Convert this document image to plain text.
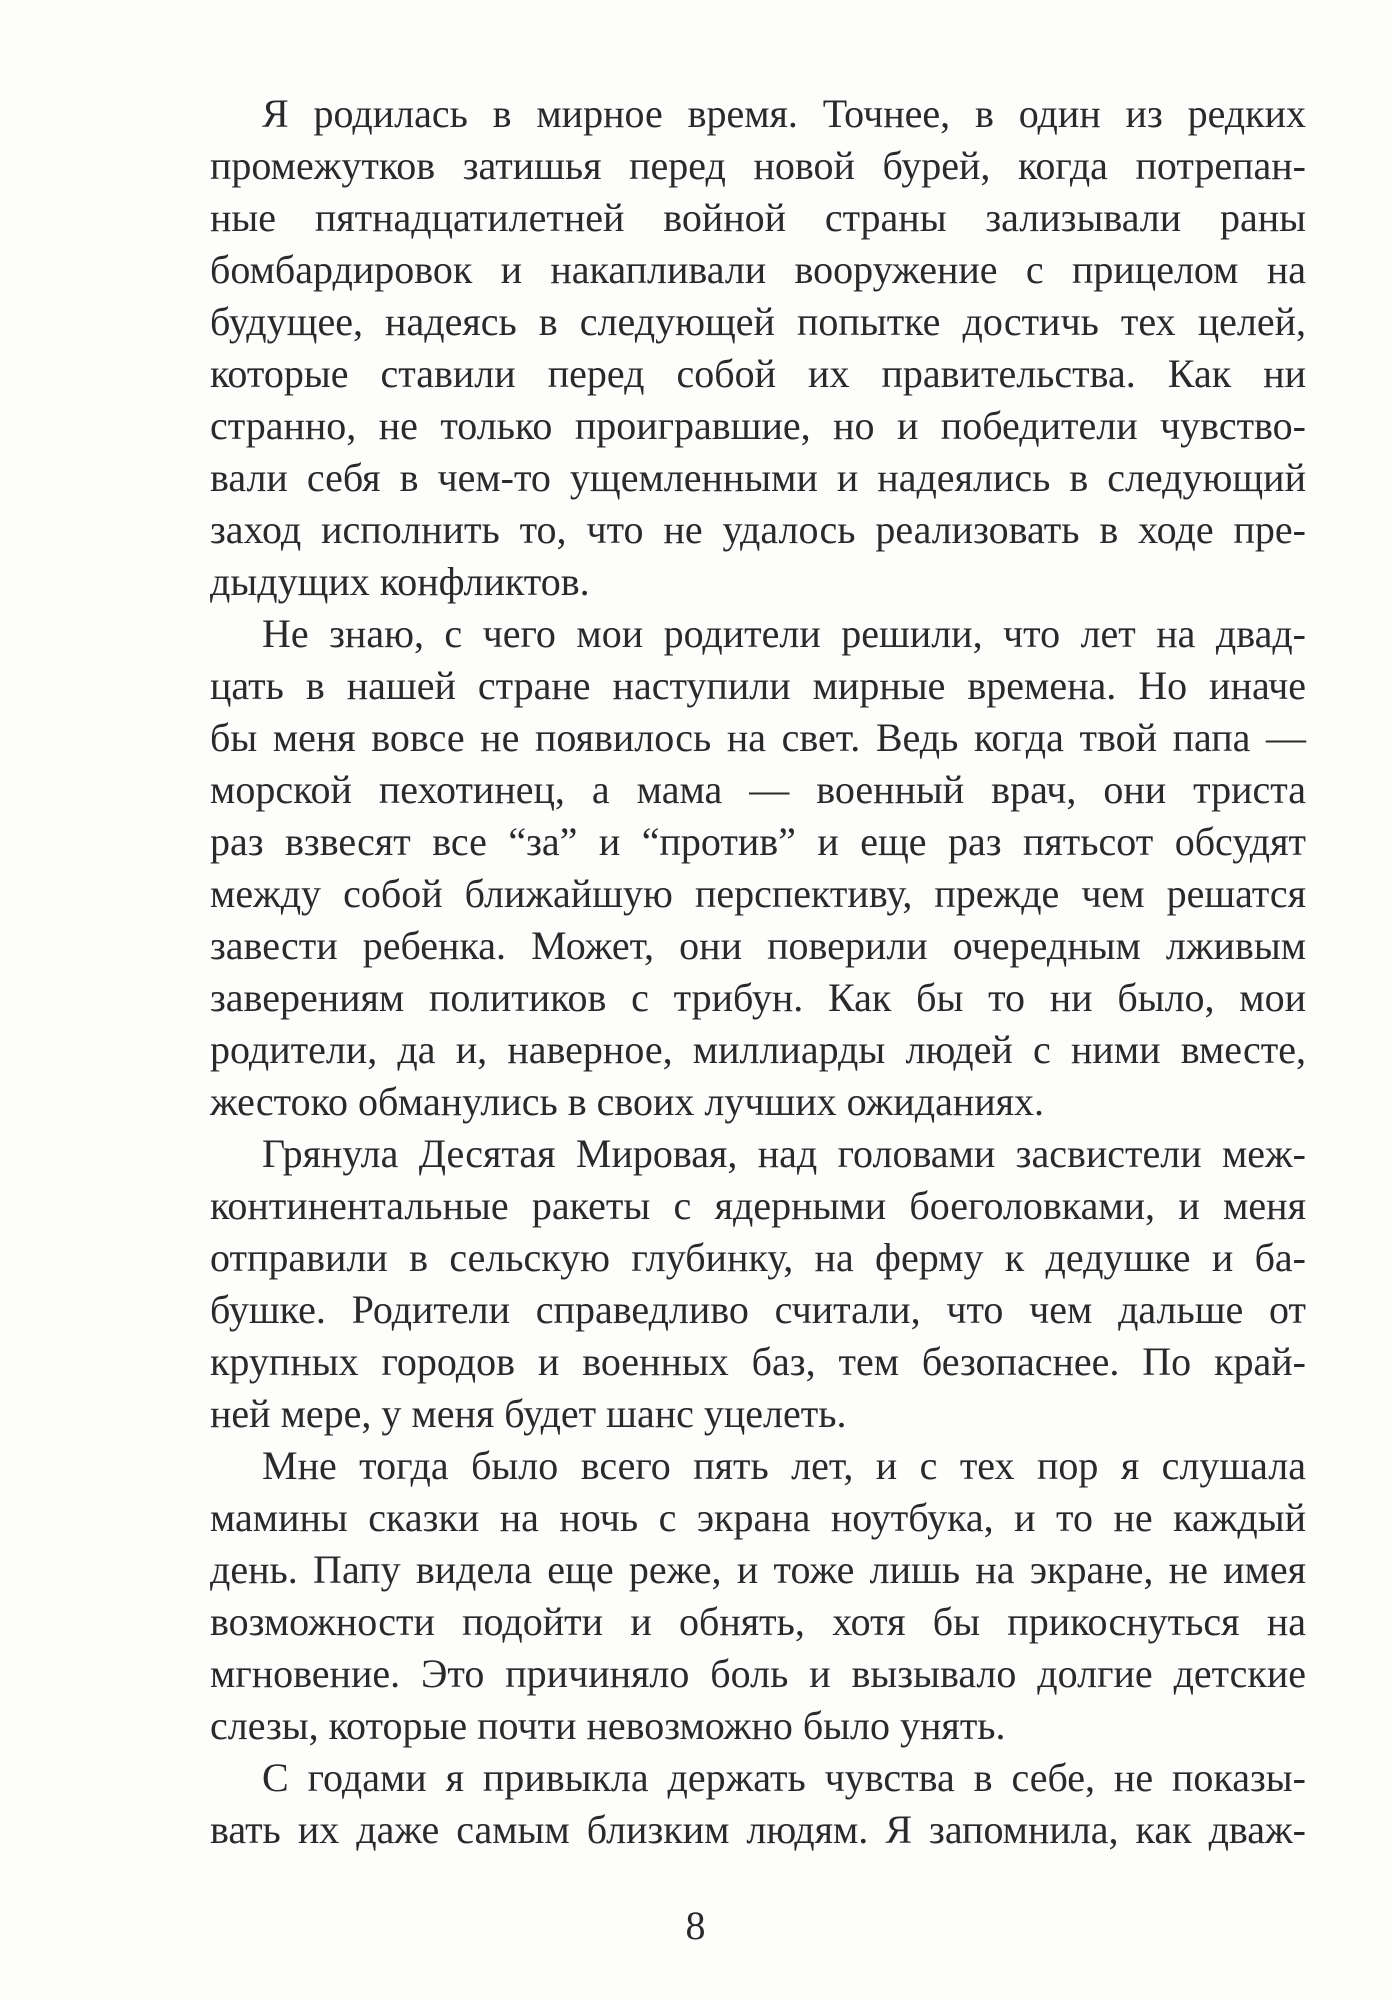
Я родилась в мирное время. Точнее, в один из редких
промежутков затишья перед новой бурей, когда потрепан-
ные пятнадцатилетней войной страны зализывали раны
бомбардировок и накапливали вооружение с прицелом на
будущее, надеясь в следующей попытке достичь тех целей,
которые ставили перед собой их правительства. Как ни
странно, не только проигравшие, но и победители чувство-
вали себя в чем-то ущемленными и надеялись в следующий
заход исполнить то, что не удалось реализовать в ходе пре-
дыдущих конфликтов.
Не знаю, с чего мои родители решили, что лет на двад-
цать в нашей стране наступили мирные времена. Но иначе
бы меня вовсе не появилось на свет. Ведь когда твой папа —
морской пехотинец, а мама — военный врач, они триста
раз взвесят все “за” и “против” и еще раз пятьсот обсудят
между собой ближайшую перспективу, прежде чем решатся
завести ребенка. Может, они поверили очередным лживым
заверениям политиков с трибун. Как бы то ни было, мои
родители, да и, наверное, миллиарды людей с ними вместе,
жестоко обманулись в своих лучших ожиданиях.
Грянула Десятая Мировая, над головами засвистели меж-
континентальные ракеты с ядерными боеголовками, и меня
отправили в сельскую глубинку, на ферму к дедушке и ба-
бушке. Родители справедливо считали, что чем дальше от
крупных городов и военных баз, тем безопаснее. По край-
ней мере, у меня будет шанс уцелеть.
Мне тогда было всего пять лет, и с тех пор я слушала
мамины сказки на ночь с экрана ноутбука, и то не каждый
день. Папу видела еще реже, и тоже лишь на экране, не имея
возможности подойти и обнять, хотя бы прикоснуться на
мгновение. Это причиняло боль и вызывало долгие детские
слезы, которые почти невозможно было унять.
С годами я привыкла держать чувства в себе, не показы-
вать их даже самым близким людям. Я запомнила, как дваж-
8
